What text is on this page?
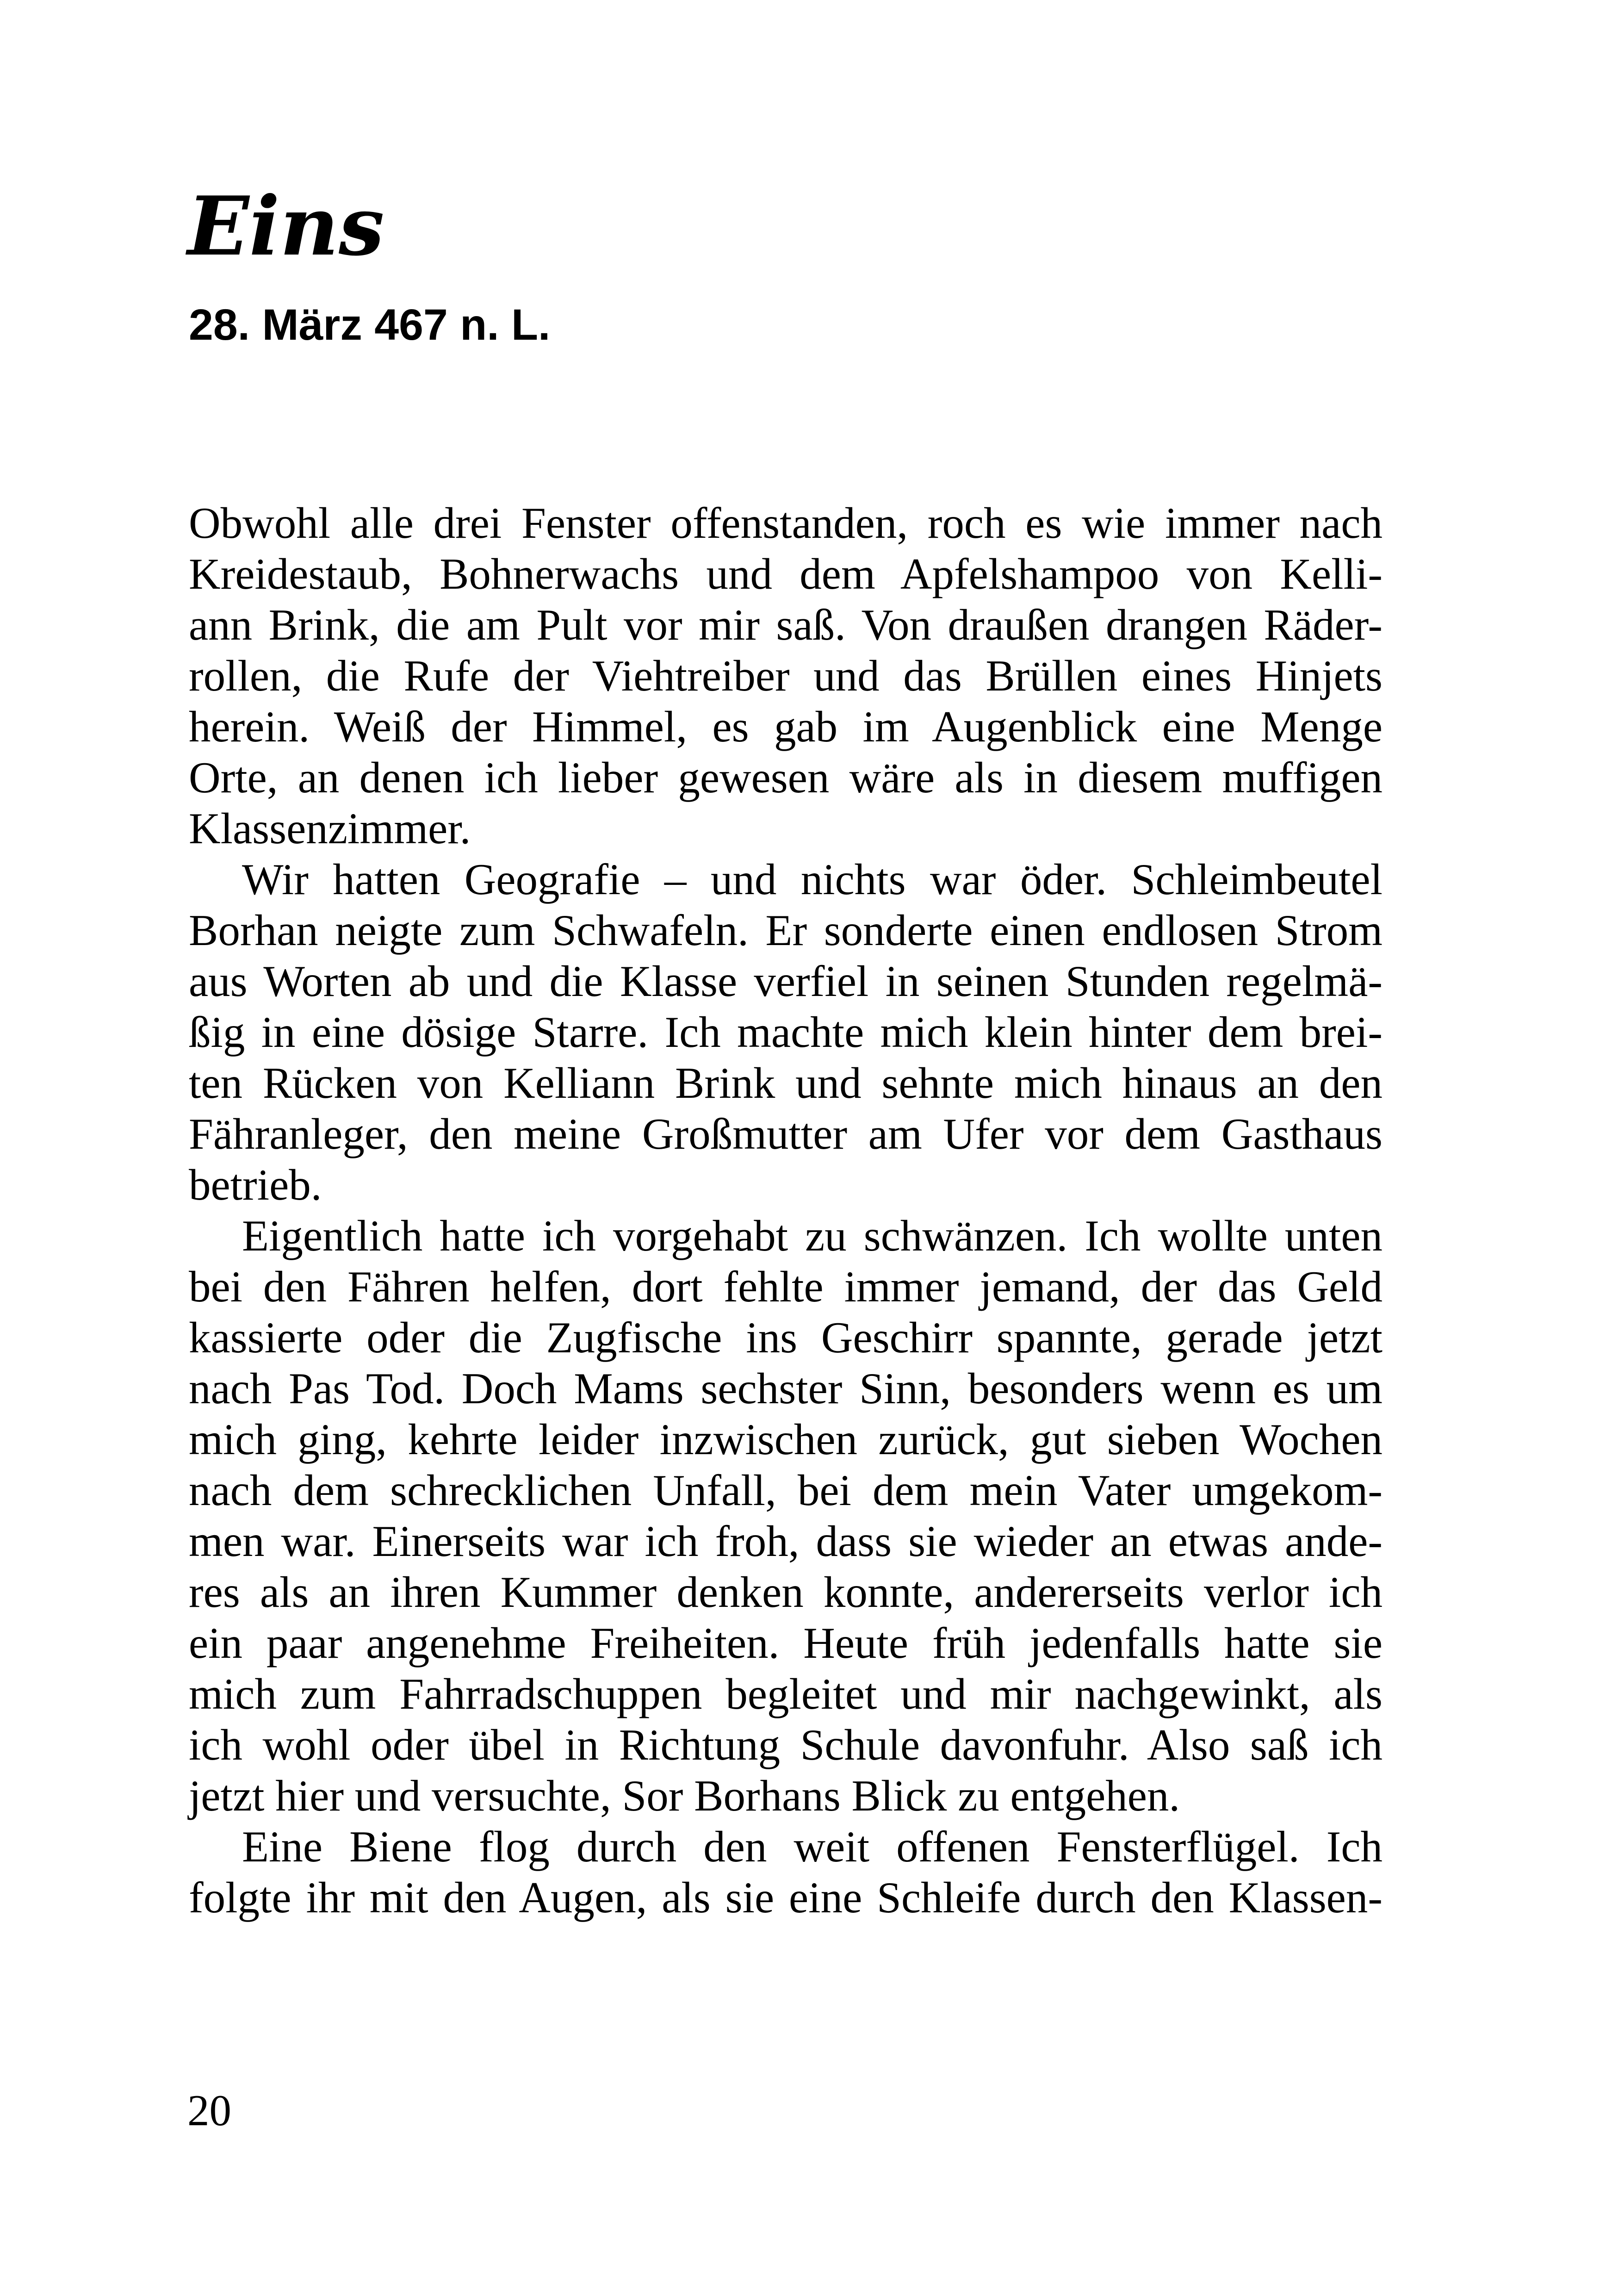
Eins
28. März 467 n. L.

Obwohl alle drei Fenster offenstanden, roch es wie immer nach
Kreidestaub, Bohnerwachs und dem Apfelshampoo von Kelli-
ann Brink, die am Pult vor mir saß. Von draußen drangen Räder-
rollen, die Rufe der Viehtreiber und das Brüllen eines Hinjets
herein. Weiß der Himmel, es gab im Augenblick eine Menge
Orte, an denen ich lieber gewesen wäre als in diesem muffigen
Klassenzimmer.

Wir hatten Geografie – und nichts war öder. Schleimbeutel
Borhan neigte zum Schwafeln. Er sonderte einen endlosen Strom
aus Worten ab und die Klasse verfiel in seinen Stunden regelmä-
ßig in eine dösige Starre. Ich machte mich klein hinter dem brei-
ten Rücken von Kelliann Brink und sehnte mich hinaus an den
Fähranleger, den meine Großmutter am Ufer vor dem Gasthaus
betrieb.

Eigentlich hatte ich vorgehabt zu schwänzen. Ich wollte unten
bei den Fähren helfen, dort fehlte immer jemand, der das Geld
kassierte oder die Zugfische ins Geschirr spannte, gerade jetzt
nach Pas Tod. Doch Mams sechster Sinn, besonders wenn es um
mich ging, kehrte leider inzwischen zurück, gut sieben Wochen
nach dem schrecklichen Unfall, bei dem mein Vater umgekom-
men war. Einerseits war ich froh, dass sie wieder an etwas ande-
res als an ihren Kummer denken konnte, andererseits verlor ich
ein paar angenehme Freiheiten. Heute früh jedenfalls hatte sie
mich zum Fahrradschuppen begleitet und mir nachgewinkt, als
ich wohl oder übel in Richtung Schule davonfuhr. Also saß ich
jetzt hier und versuchte, Sor Borhans Blick zu entgehen.

Eine Biene flog durch den weit offenen Fensterflügel. Ich
folgte ihr mit den Augen, als sie eine Schleife durch den Klassen-

20
